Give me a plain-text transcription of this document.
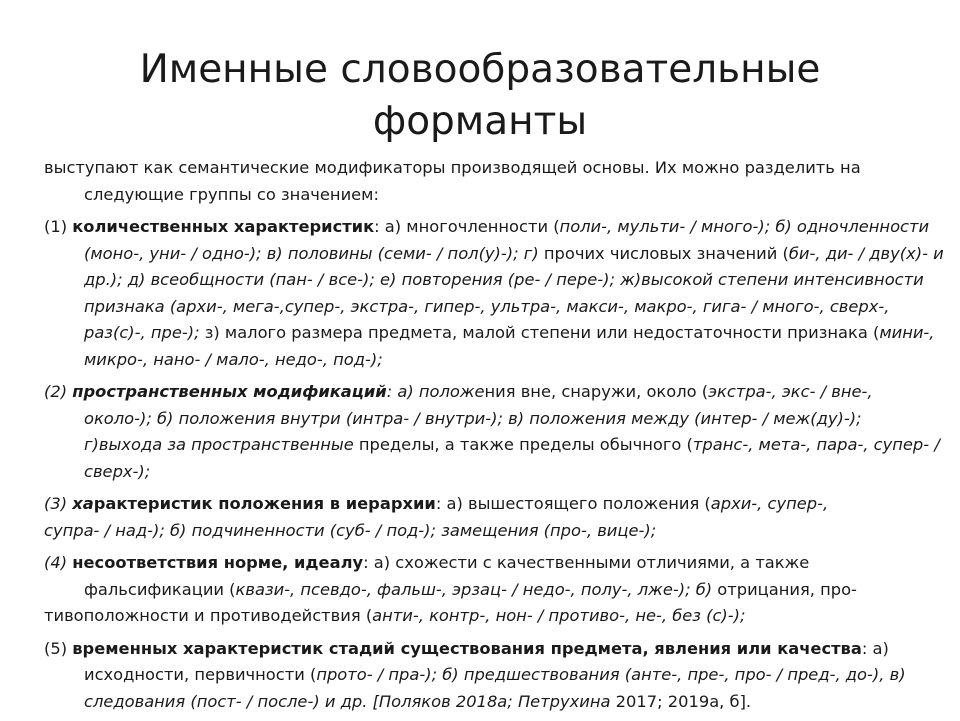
Именные словообразовательные
форманты

выступают как семантические модификаторы производящей основы. Их можно разделить на следующие группы со значением:

(1) количественных характеристик: а) многочленности (поли-, мульти- / много-); б) одночленности (моно-, уни- / одно-); в) половины (семи- / пол(у)-); г) прочих числовых значений (би-, ди- / дву(х)- и др.); д) всеобщности (пан- / все-); е) повторения (ре- / пере-); ж)высокой степени интенсивности признака (архи-, мега-,супер-, экстра-, гипер-, ультра-, макси-, макро-, гига- / много-, сверх-, раз(с)-, пре-); з) малого размера предмета, малой степени или недостаточности признака (мини-, микро-, нано- / мало-, недо-, под-);

(2) пространственных модификаций: а) положения вне, снаружи, около (экстра-, экс- / вне-, около-); б) положения внутри (интра- / внутри-); в) положения между (интер- / меж(ду)-); г)выхода за пространственные пределы, а также пределы обычного (транс-, мета-, пара-, супер- / сверх-);

(3) характеристик положения в иерархии: а) вышестоящего положения (архи-, супер-,

супра- / над-); б) подчиненности (суб- / под-); замещения (про-, вице-);

(4) несоответствия норме, идеалу: а) схожести с качественными отличиями, а также фальсификации (квази-, псевдо-, фальш-, эрзац- / недо-, полу-, лже-); б) отрицания, про-

тивоположности и противодействия (анти-, контр-, нон- / противо-, не-, без (с)-);

(5) временных характеристик стадий существования предмета, явления или качества: а) исходности, первичности (прото- / пра-); б) предшествования (анте-, пре-, про- / пред-, до-), в) следования (пост- / после-) и др. [Поляков 2018а; Петрухина 2017; 2019а, б].
